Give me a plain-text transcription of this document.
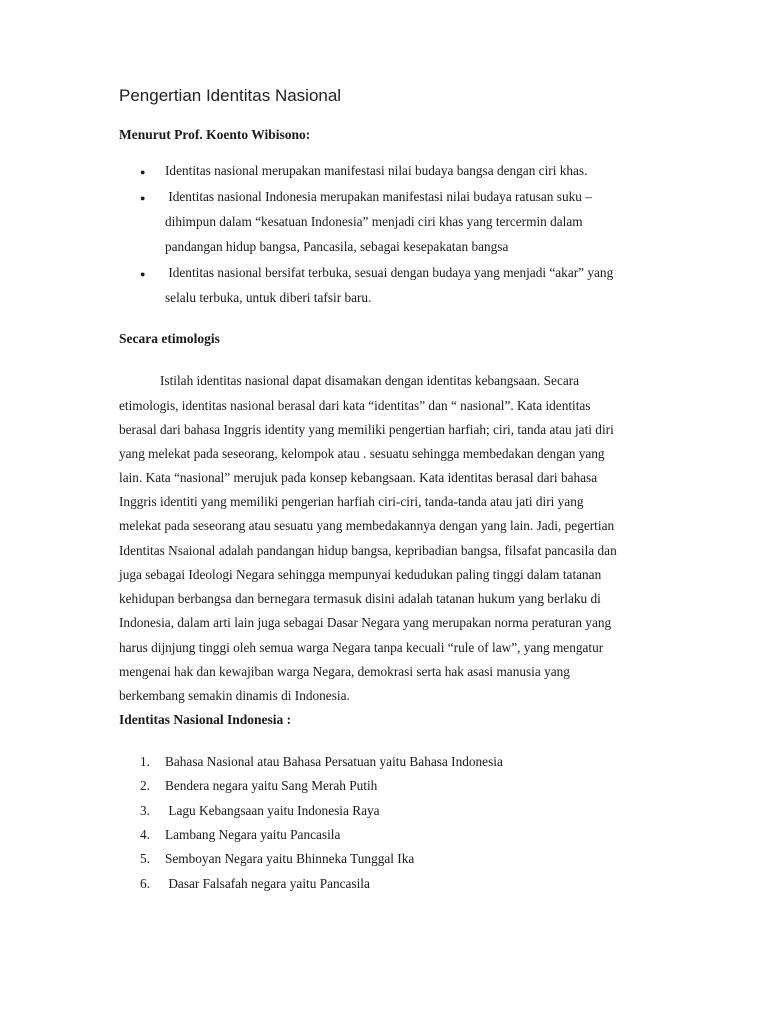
Pengertian Identitas Nasional
Menurut Prof. Koento Wibisono:
● Identitas nasional merupakan manifestasi nilai budaya bangsa dengan ciri khas.
● Identitas nasional Indonesia merupakan manifestasi nilai budaya ratusan suku –
dihimpun dalam “kesatuan Indonesia” menjadi ciri khas yang tercermin dalam
pandangan hidup bangsa, Pancasila, sebagai kesepakatan bangsa
● Identitas nasional bersifat terbuka, sesuai dengan budaya yang menjadi “akar” yang
selalu terbuka, untuk diberi tafsir baru.
Secara etimologis
Istilah identitas nasional dapat disamakan dengan identitas kebangsaan. Secara
etimologis, identitas nasional berasal dari kata “identitas” dan “ nasional”. Kata identitas
berasal dari bahasa Inggris identity yang memiliki pengertian harfiah; ciri, tanda atau jati diri
yang melekat pada seseorang, kelompok atau . sesuatu sehingga membedakan dengan yang
lain. Kata “nasional” merujuk pada konsep kebangsaan. Kata identitas berasal dari bahasa
Inggris identiti yang memiliki pengerian harfiah ciri-ciri, tanda-tanda atau jati diri yang
melekat pada seseorang atau sesuatu yang membedakannya dengan yang lain. Jadi, pegertian
Identitas Nsaional adalah pandangan hidup bangsa, kepribadian bangsa, filsafat pancasila dan
juga sebagai Ideologi Negara sehingga mempunyai kedudukan paling tinggi dalam tatanan
kehidupan berbangsa dan bernegara termasuk disini adalah tatanan hukum yang berlaku di
Indonesia, dalam arti lain juga sebagai Dasar Negara yang merupakan norma peraturan yang
harus dijnjung tinggi oleh semua warga Negara tanpa kecuali “rule of law”, yang mengatur
mengenai hak dan kewajiban warga Negara, demokrasi serta hak asasi manusia yang
berkembang semakin dinamis di Indonesia.
Identitas Nasional Indonesia :
1. Bahasa Nasional atau Bahasa Persatuan yaitu Bahasa Indonesia
2. Bendera negara yaitu Sang Merah Putih
3. Lagu Kebangsaan yaitu Indonesia Raya
4. Lambang Negara yaitu Pancasila
5. Semboyan Negara yaitu Bhinneka Tunggal Ika
6. Dasar Falsafah negara yaitu Pancasila
